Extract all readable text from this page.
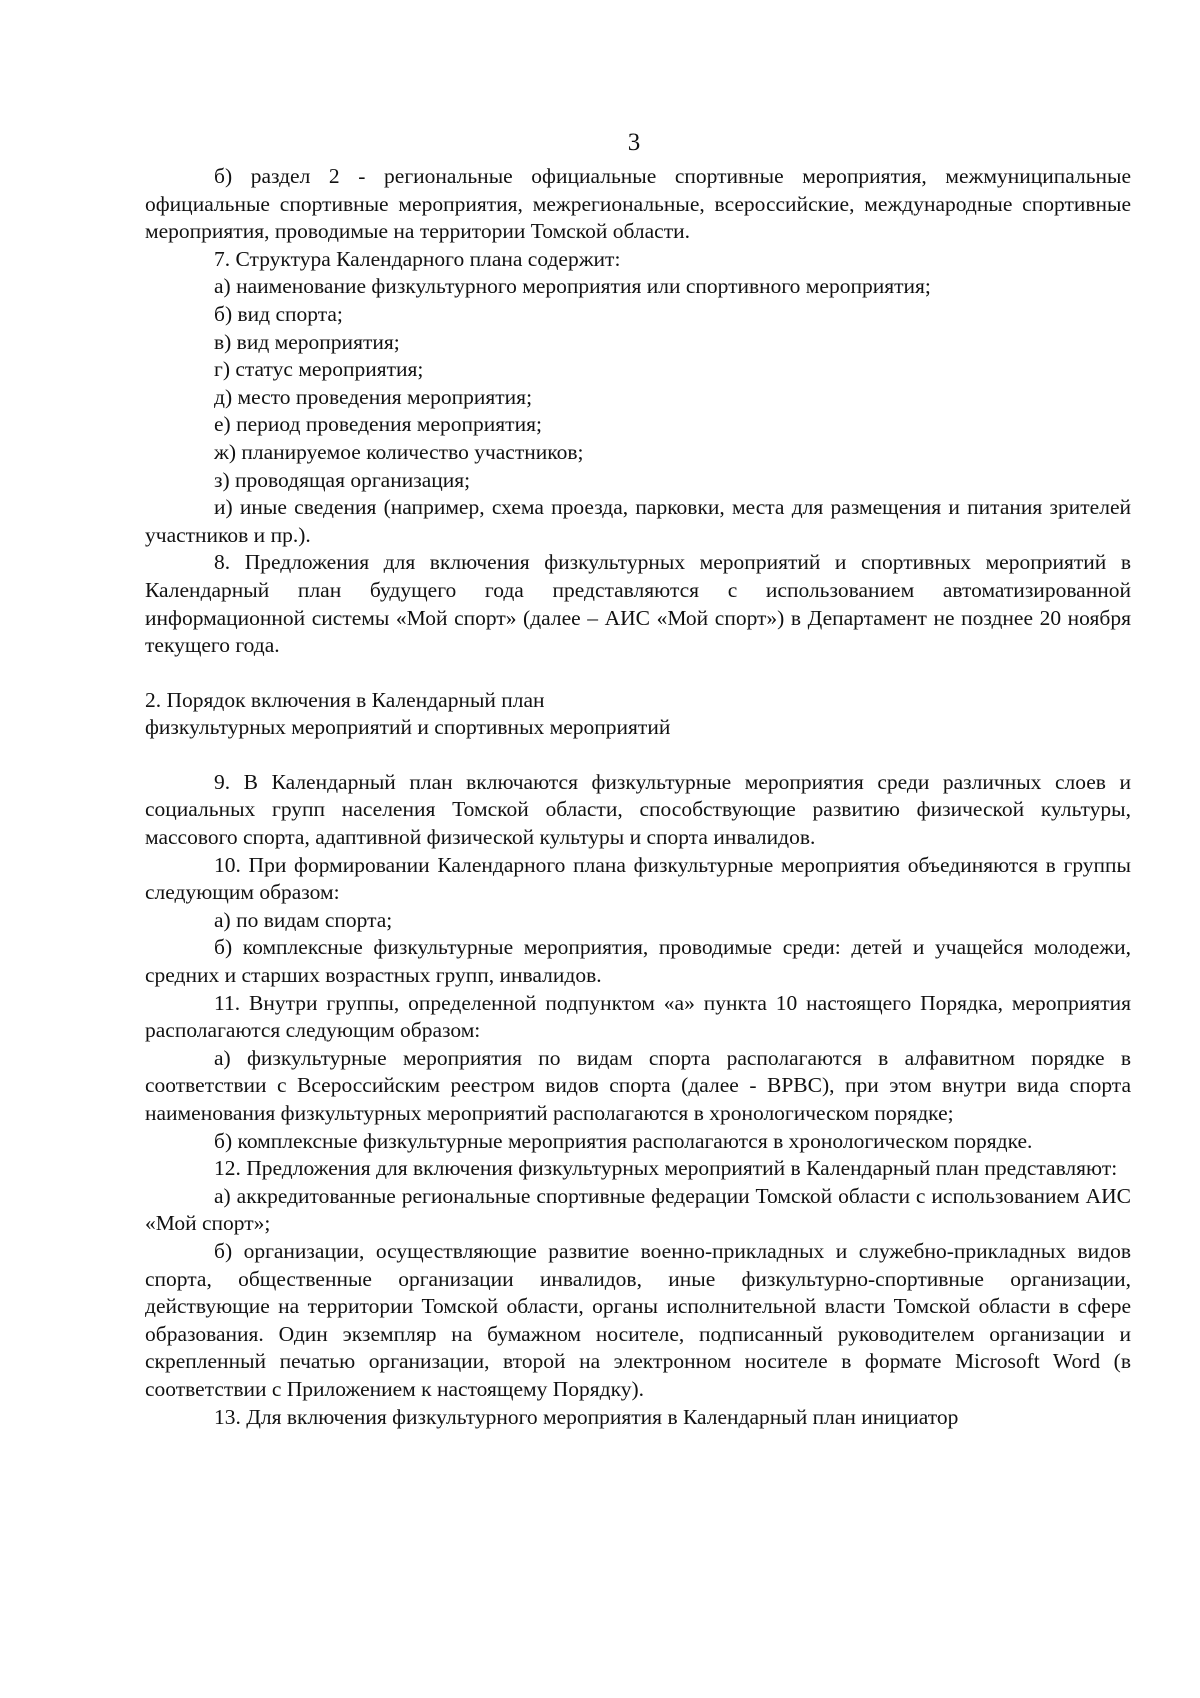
3

б) раздел 2 - региональные официальные спортивные мероприятия, межмуниципальные официальные спортивные мероприятия, межрегиональные, всероссийские, международные спортивные мероприятия, проводимые на территории Томской области.

7. Структура Календарного плана содержит:

а) наименование физкультурного мероприятия или спортивного мероприятия;

б) вид спорта;

в) вид мероприятия;

г) статус мероприятия;

д) место проведения мероприятия;

е) период проведения мероприятия;

ж) планируемое количество участников;

з) проводящая организация;

и) иные сведения (например, схема проезда, парковки, места для размещения и питания зрителей участников и пр.).

8. Предложения для включения физкультурных мероприятий и спортивных мероприятий в Календарный план будущего года представляются с использованием автоматизированной информационной системы «Мой спорт» (далее – АИС «Мой спорт») в Департамент не позднее 20 ноября текущего года.

2. Порядок включения в Календарный план

физкультурных мероприятий и спортивных мероприятий

9. В Календарный план включаются физкультурные мероприятия среди различных слоев и социальных групп населения Томской области, способствующие развитию физической культуры, массового спорта, адаптивной физической культуры и спорта инвалидов.

10. При формировании Календарного плана физкультурные мероприятия объединяются в группы следующим образом:

а) по видам спорта;

б) комплексные физкультурные мероприятия, проводимые среди: детей и учащейся молодежи, средних и старших возрастных групп, инвалидов.

11. Внутри группы, определенной подпунктом «а» пункта 10 настоящего Порядка, мероприятия располагаются следующим образом:

а) физкультурные мероприятия по видам спорта располагаются в алфавитном порядке в соответствии с Всероссийским реестром видов спорта (далее - ВРВС), при этом внутри вида спорта наименования физкультурных мероприятий располагаются в хронологическом порядке;

б) комплексные физкультурные мероприятия располагаются в хронологическом порядке.

12. Предложения для включения физкультурных мероприятий в Календарный план представляют:

а) аккредитованные региональные спортивные федерации Томской области с использованием АИС «Мой спорт»;

б) организации, осуществляющие развитие военно-прикладных и служебно-прикладных видов спорта, общественные организации инвалидов, иные физкультурно-спортивные организации, действующие на территории Томской области, органы исполнительной власти Томской области в сфере образования. Один экземпляр на бумажном носителе, подписанный руководителем организации и скрепленный печатью организации, второй на электронном носителе в формате Microsoft Word (в соответствии с Приложением к настоящему Порядку).

13. Для включения физкультурного мероприятия в Календарный план инициатор
